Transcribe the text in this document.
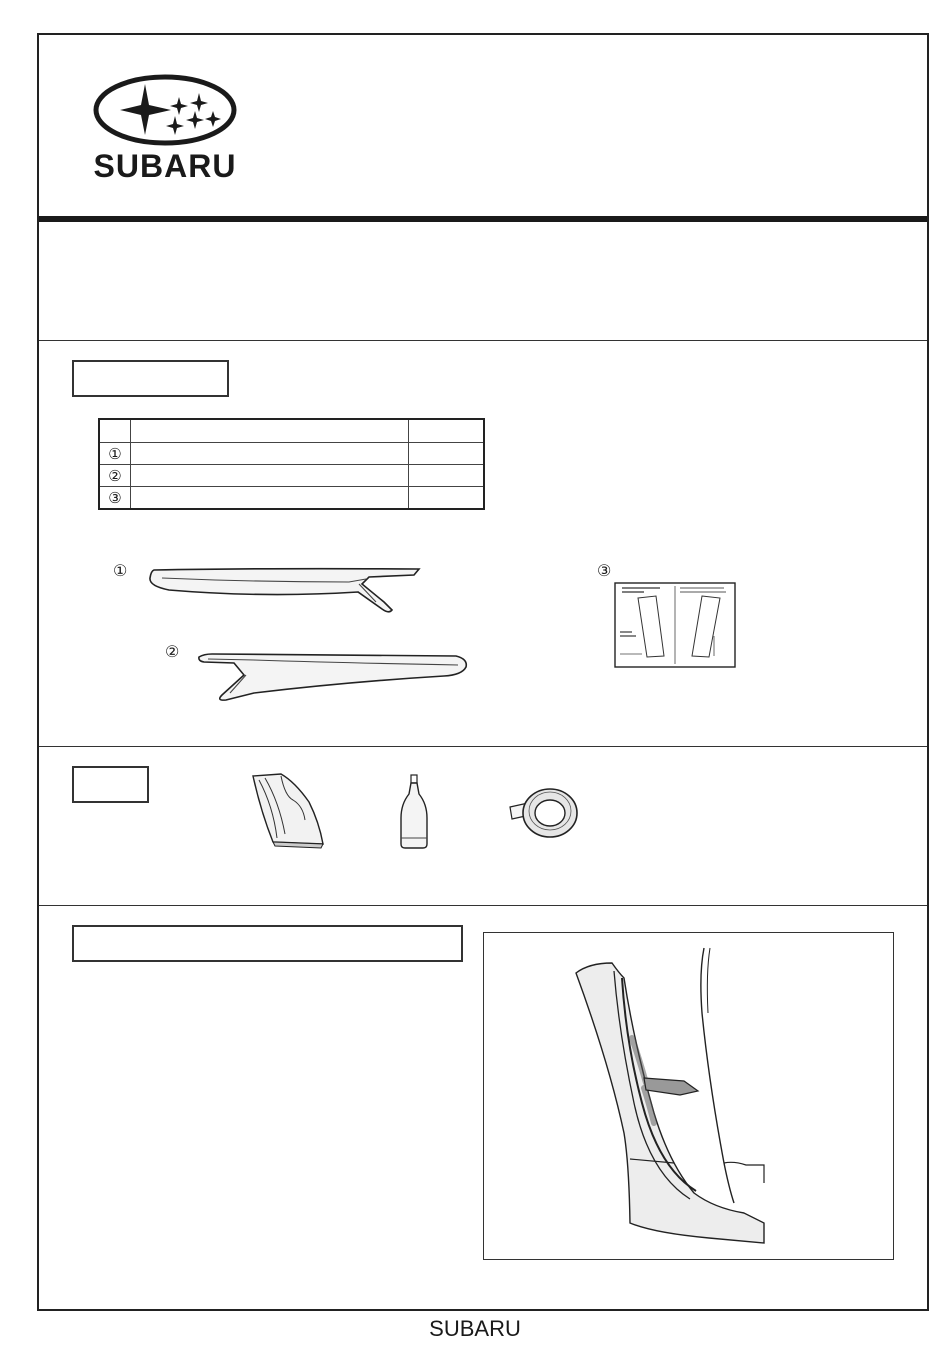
SUBARU

①		
②		
③		
①
②
③
SUBARU
